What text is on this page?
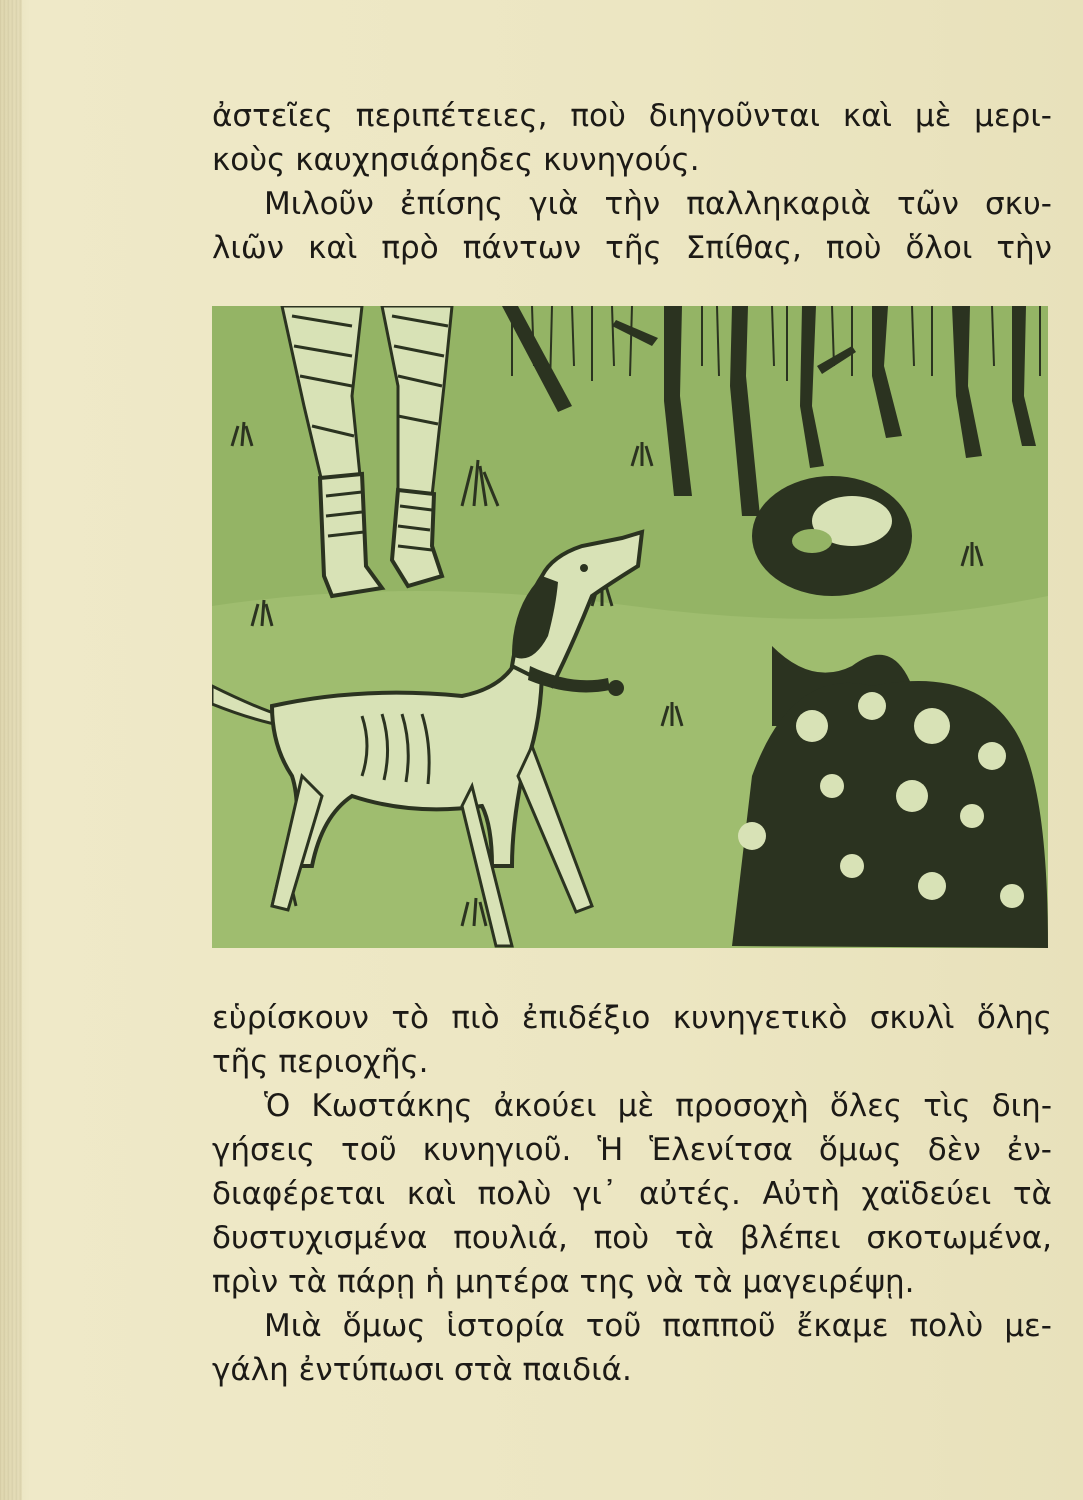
ἀστεῖες περιπέτειες, ποὺ διηγοῦνται καὶ μὲ μερι-
κοὺς καυχησιάρηδες κυνηγούς.
Μιλοῦν ἐπίσης γιὰ τὴν παλληκαριὰ τῶν σκυ-
λιῶν καὶ πρὸ πάντων τῆς Σπίθας, ποὺ ὅλοι τὴν
εὑρίσκουν τὸ πιὸ ἐπιδέξιο κυνηγετικὸ σκυλὶ ὅλης
τῆς περιοχῆς.
Ὁ Κωστάκης ἀκούει μὲ προσοχὴ ὅλες τὶς διη-
γήσεις τοῦ κυνηγιοῦ. Ἡ Ἑλενίτσα ὅμως δὲν ἐν-
διαφέρεται καὶ πολὺ γι᾽ αὐτές. Αὐτὴ χαϊδεύει τὰ
δυστυχισμένα πουλιά, ποὺ τὰ βλέπει σκοτωμένα,
πρὶν τὰ πάρῃ ἡ μητέρα της νὰ τὰ μαγειρέψῃ.
Μιὰ ὅμως ἱστορία τοῦ παπποῦ ἔκαμε πολὺ με-
γάλη ἐντύπωσι στὰ παιδιά.
